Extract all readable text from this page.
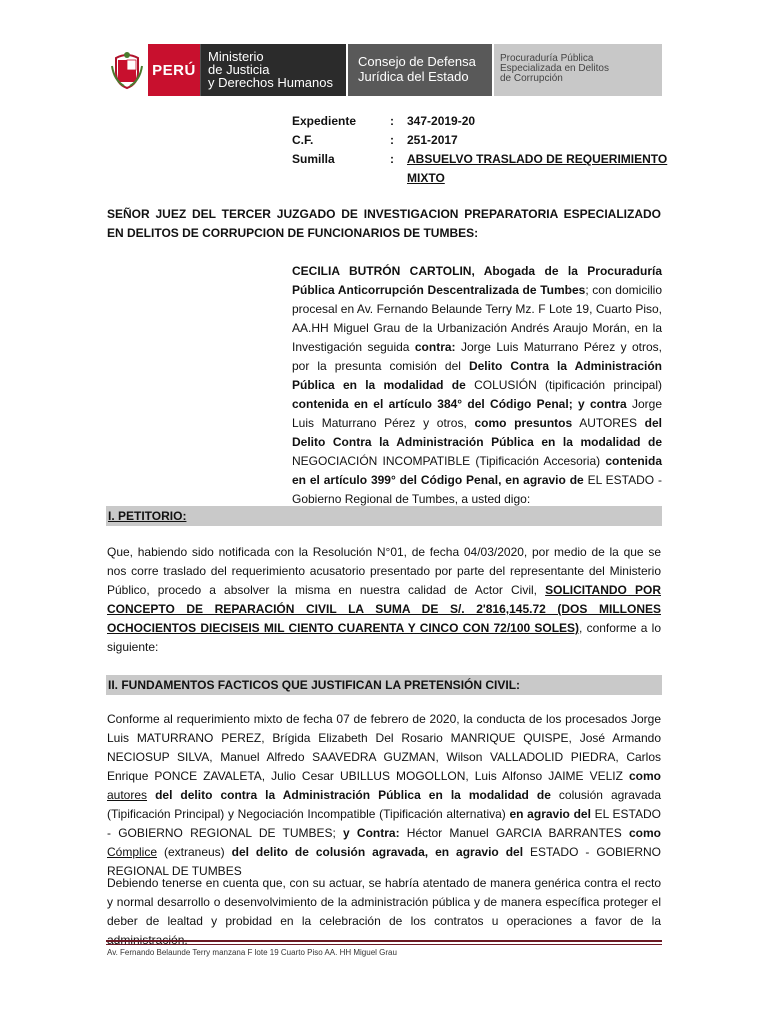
PERÚ
Ministerio
de Justicia
y Derechos Humanos
Consejo de Defensa
Jurídica del Estado
Procuraduría Pública
Especializada en Delitos
de Corrupción
Expediente	:	347-2019-20
C.F.	:	251-2017
Sumilla	:	ABSUELVO TRASLADO DE REQUERIMIENTO MIXTO
SEÑOR JUEZ DEL TERCER JUZGADO DE INVESTIGACION PREPARATORIA ESPECIALIZADO EN DELITOS DE CORRUPCION DE FUNCIONARIOS DE TUMBES:
CECILIA BUTRÓN CARTOLIN, Abogada de la Procuraduría Pública Anticorrupción Descentralizada de Tumbes; con domicilio procesal en Av. Fernando Belaunde Terry Mz. F Lote 19, Cuarto Piso, AA.HH Miguel Grau de la Urbanización Andrés Araujo Morán, en la Investigación seguida contra: Jorge Luis Maturrano Pérez y otros, por la presunta comisión del Delito Contra la Administración Pública en la modalidad de COLUSIÓN (tipificación principal) contenida en el artículo 384° del Código Penal; y contra Jorge Luis Maturrano Pérez y otros, como presuntos AUTORES del Delito Contra la Administración Pública en la modalidad de NEGOCIACIÓN INCOMPATIBLE (Tipificación Accesoria) contenida en el artículo 399° del Código Penal, en agravio de EL ESTADO - Gobierno Regional de Tumbes, a usted digo:
I. PETITORIO:
Que, habiendo sido notificada con la Resolución N°01, de fecha 04/03/2020, por medio de la que se nos corre traslado del requerimiento acusatorio presentado por parte del representante del Ministerio Público, procedo a absolver la misma en nuestra calidad de Actor Civil, SOLICITANDO POR CONCEPTO DE REPARACIÓN CIVIL LA SUMA DE S/. 2'816,145.72 (DOS MILLONES OCHOCIENTOS DIECISEIS MIL CIENTO CUARENTA Y CINCO CON 72/100 SOLES), conforme a lo siguiente:
II. FUNDAMENTOS FACTICOS QUE JUSTIFICAN LA PRETENSIÓN CIVIL:
Conforme al requerimiento mixto de fecha 07 de febrero de 2020, la conducta de los procesados Jorge Luis MATURRANO PEREZ, Brígida Elizabeth Del Rosario MANRIQUE QUISPE, José Armando NECIOSUP SILVA, Manuel Alfredo SAAVEDRA GUZMAN, Wilson VALLADOLID PIEDRA, Carlos Enrique PONCE ZAVALETA, Julio Cesar UBILLUS MOGOLLON, Luis Alfonso JAIME VELIZ como autores del delito contra la Administración Pública en la modalidad de colusión agravada (Tipificación Principal) y Negociación Incompatible (Tipificación alternativa) en agravio del EL ESTADO - GOBIERNO REGIONAL DE TUMBES; y Contra: Héctor Manuel GARCIA BARRANTES como Cómplice (extraneus) del delito de colusión agravada, en agravio del ESTADO - GOBIERNO REGIONAL DE TUMBES
Debiendo tenerse en cuenta que, con su actuar, se habría atentado de manera genérica contra el recto y normal desarrollo o desenvolvimiento de la administración pública y de manera específica proteger el deber de lealtad y probidad en la celebración de los contratos u operaciones a favor de la
Av. Fernando Belaunde Terry manzana F lote 19 Cuarto Piso AA. HH Miguel Grau
